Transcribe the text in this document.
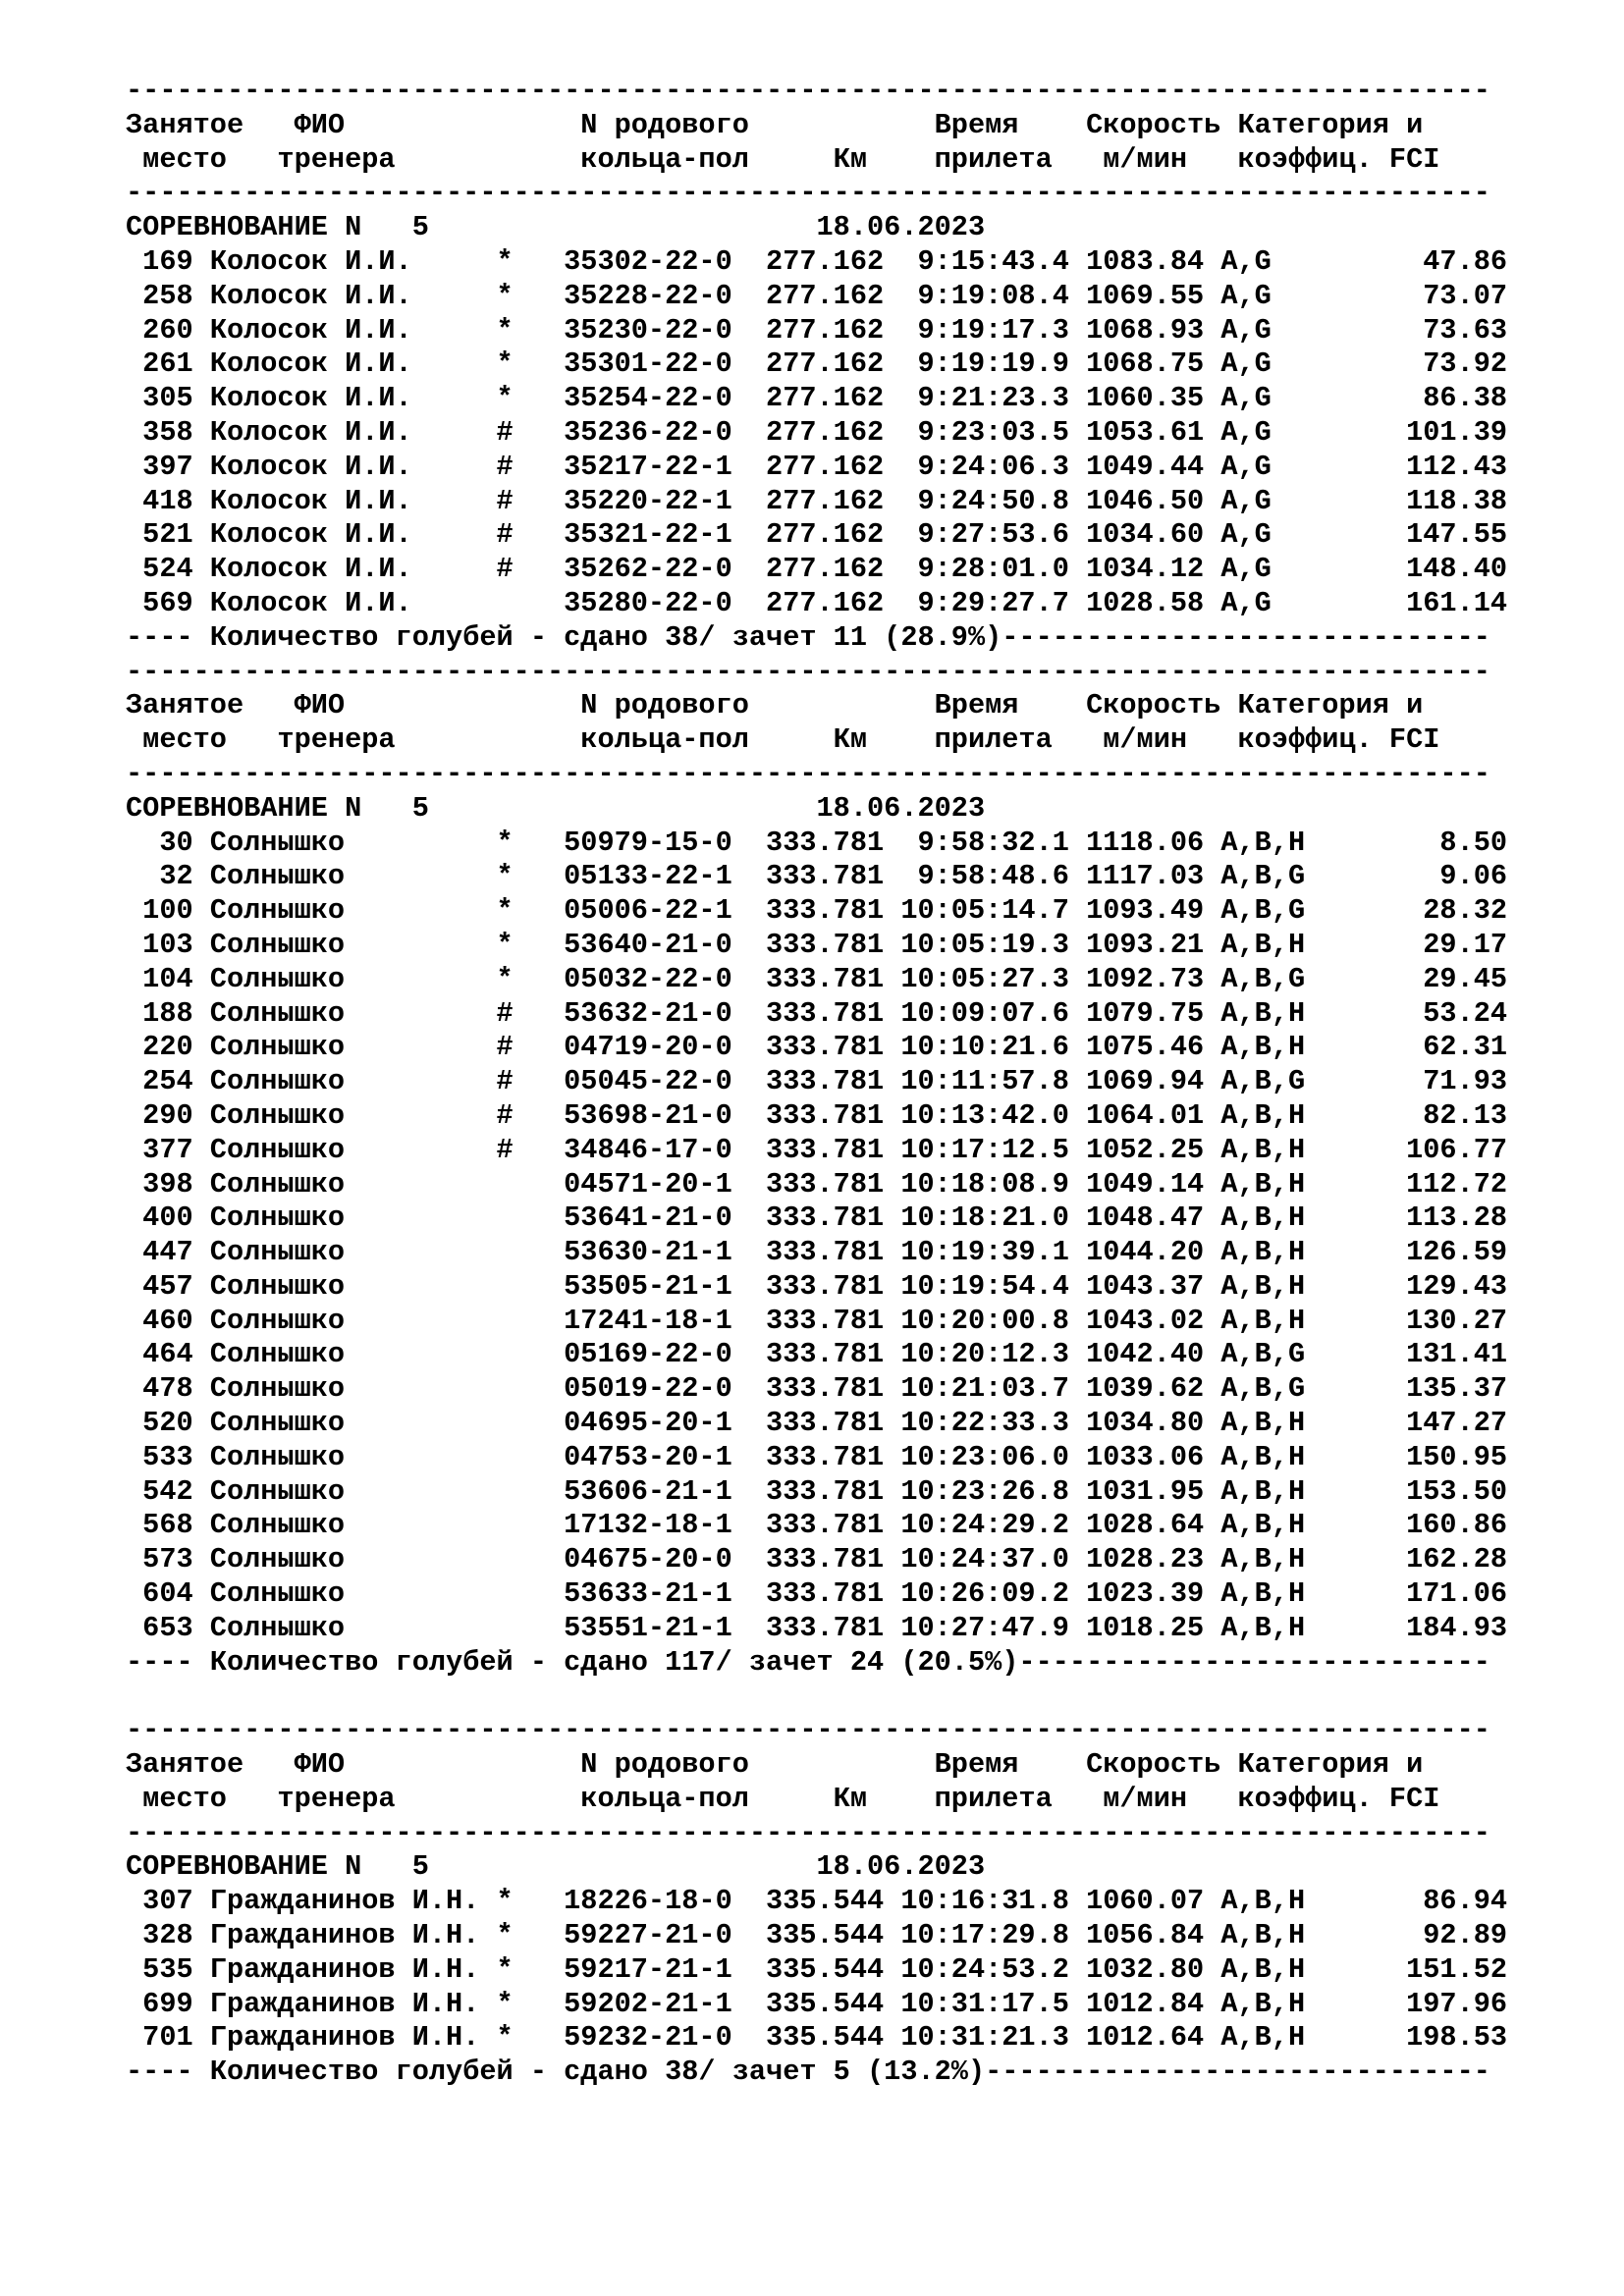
---------------------------------------------------------------------------------
Занятое   ФИО              N родового           Время    Скорость Категория и
место   тренера           кольца-пол     Км    прилета   м/мин   коэффиц. FCI
---------------------------------------------------------------------------------
СОРЕВНОВАНИЕ N   5                       18.06.2023
169 Колосок И.И.     *   35302-22-0  277.162  9:15:43.4 1083.84 A,G         47.86
258 Колосок И.И.     *   35228-22-0  277.162  9:19:08.4 1069.55 A,G         73.07
260 Колосок И.И.     *   35230-22-0  277.162  9:19:17.3 1068.93 A,G         73.63
261 Колосок И.И.     *   35301-22-0  277.162  9:19:19.9 1068.75 A,G         73.92
305 Колосок И.И.     *   35254-22-0  277.162  9:21:23.3 1060.35 A,G         86.38
358 Колосок И.И.     #   35236-22-0  277.162  9:23:03.5 1053.61 A,G        101.39
397 Колосок И.И.     #   35217-22-1  277.162  9:24:06.3 1049.44 A,G        112.43
418 Колосок И.И.     #   35220-22-1  277.162  9:24:50.8 1046.50 A,G        118.38
521 Колосок И.И.     #   35321-22-1  277.162  9:27:53.6 1034.60 A,G        147.55
524 Колосок И.И.     #   35262-22-0  277.162  9:28:01.0 1034.12 A,G        148.40
569 Колосок И.И.         35280-22-0  277.162  9:29:27.7 1028.58 A,G        161.14
---- Количество голубей - сдано 38/ зачет 11 (28.9%)-----------------------------
---------------------------------------------------------------------------------
Занятое   ФИО              N родового           Время    Скорость Категория и
место   тренера           кольца-пол     Км    прилета   м/мин   коэффиц. FCI
---------------------------------------------------------------------------------
СОРЕВНОВАНИЕ N   5                       18.06.2023
30 Солнышко         *   50979-15-0  333.781  9:58:32.1 1118.06 A,B,H        8.50
32 Солнышко         *   05133-22-1  333.781  9:58:48.6 1117.03 A,B,G        9.06
100 Солнышко         *   05006-22-1  333.781 10:05:14.7 1093.49 A,B,G       28.32
103 Солнышко         *   53640-21-0  333.781 10:05:19.3 1093.21 A,B,H       29.17
104 Солнышко         *   05032-22-0  333.781 10:05:27.3 1092.73 A,B,G       29.45
188 Солнышко         #   53632-21-0  333.781 10:09:07.6 1079.75 A,B,H       53.24
220 Солнышко         #   04719-20-0  333.781 10:10:21.6 1075.46 A,B,H       62.31
254 Солнышко         #   05045-22-0  333.781 10:11:57.8 1069.94 A,B,G       71.93
290 Солнышко         #   53698-21-0  333.781 10:13:42.0 1064.01 A,B,H       82.13
377 Солнышко         #   34846-17-0  333.781 10:17:12.5 1052.25 A,B,H      106.77
398 Солнышко             04571-20-1  333.781 10:18:08.9 1049.14 A,B,H      112.72
400 Солнышко             53641-21-0  333.781 10:18:21.0 1048.47 A,B,H      113.28
447 Солнышко             53630-21-1  333.781 10:19:39.1 1044.20 A,B,H      126.59
457 Солнышко             53505-21-1  333.781 10:19:54.4 1043.37 A,B,H      129.43
460 Солнышко             17241-18-1  333.781 10:20:00.8 1043.02 A,B,H      130.27
464 Солнышко             05169-22-0  333.781 10:20:12.3 1042.40 A,B,G      131.41
478 Солнышко             05019-22-0  333.781 10:21:03.7 1039.62 A,B,G      135.37
520 Солнышко             04695-20-1  333.781 10:22:33.3 1034.80 A,B,H      147.27
533 Солнышко             04753-20-1  333.781 10:23:06.0 1033.06 A,B,H      150.95
542 Солнышко             53606-21-1  333.781 10:23:26.8 1031.95 A,B,H      153.50
568 Солнышко             17132-18-1  333.781 10:24:29.2 1028.64 A,B,H      160.86
573 Солнышко             04675-20-0  333.781 10:24:37.0 1028.23 A,B,H      162.28
604 Солнышко             53633-21-1  333.781 10:26:09.2 1023.39 A,B,H      171.06
653 Солнышко             53551-21-1  333.781 10:27:47.9 1018.25 A,B,H      184.93
---- Количество голубей - сдано 117/ зачет 24 (20.5%)----------------------------
---------------------------------------------------------------------------------
Занятое   ФИО              N родового           Время    Скорость Категория и
место   тренера           кольца-пол     Км    прилета   м/мин   коэффиц. FCI
---------------------------------------------------------------------------------
СОРЕВНОВАНИЕ N   5                       18.06.2023
307 Гражданинов И.Н. *   18226-18-0  335.544 10:16:31.8 1060.07 A,B,H       86.94
328 Гражданинов И.Н. *   59227-21-0  335.544 10:17:29.8 1056.84 A,B,H       92.89
535 Гражданинов И.Н. *   59217-21-1  335.544 10:24:53.2 1032.80 A,B,H      151.52
699 Гражданинов И.Н. *   59202-21-1  335.544 10:31:17.5 1012.84 A,B,H      197.96
701 Гражданинов И.Н. *   59232-21-0  335.544 10:31:21.3 1012.64 A,B,H      198.53
---- Количество голубей - сдано 38/ зачет 5 (13.2%)------------------------------
